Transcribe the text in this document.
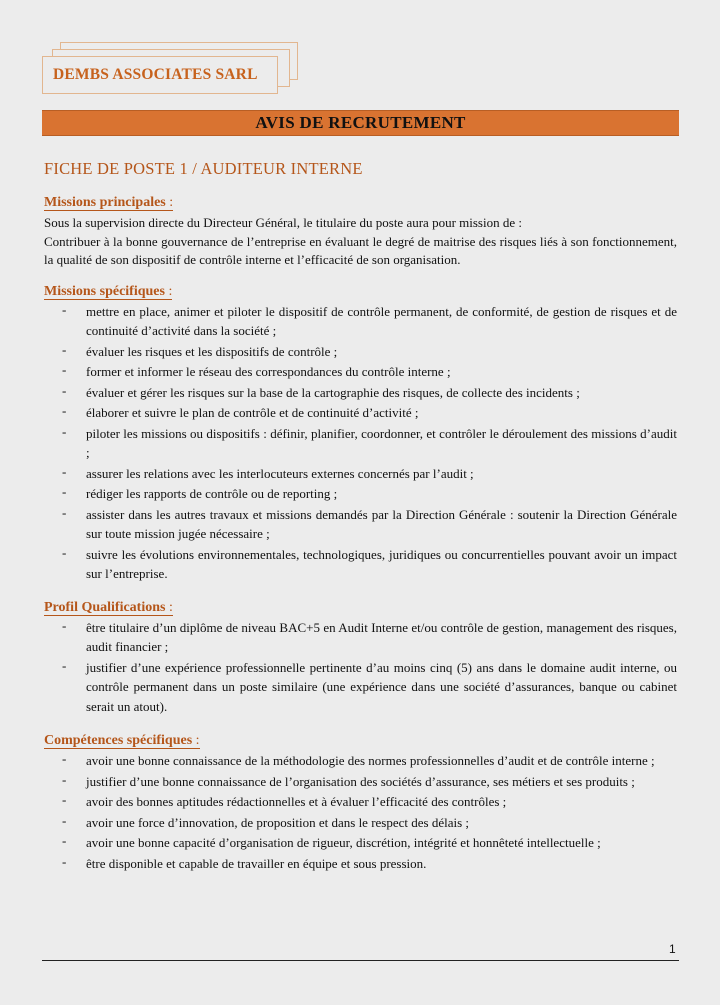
DEMBS ASSOCIATES SARL
AVIS DE RECRUTEMENT
FICHE DE POSTE 1 / AUDITEUR INTERNE
Missions principales :

Sous la supervision directe du Directeur Général, le titulaire du poste aura pour mission de :

Contribuer à la bonne gouvernance de l’entreprise en évaluant le degré de maitrise des risques liés à son fonctionnement, la qualité de son dispositif de contrôle interne et l’efficacité de son organisation.

Missions spécifiques :
- mettre en place, animer et piloter le dispositif de contrôle permanent, de conformité, de gestion de risques et de continuité d’activité dans la société ;
- évaluer les risques et les dispositifs de contrôle ;
- former et informer le réseau des correspondances du contrôle interne ;
- évaluer et gérer les risques sur la base de la cartographie des risques, de collecte des incidents ;
- élaborer et suivre le plan de contrôle et de continuité d’activité ;
- piloter les missions ou dispositifs : définir, planifier, coordonner, et contrôler le déroulement des missions d’audit ;
- assurer les relations avec les interlocuteurs externes concernés par l’audit ;
- rédiger les rapports de contrôle ou de reporting ;
- assister dans les autres travaux et missions demandés par la Direction Générale : soutenir la Direction Générale sur toute mission jugée nécessaire ;
- suivre les évolutions environnementales, technologiques, juridiques ou concurrentielles pouvant avoir un impact sur l’entreprise.
Profil Qualifications :
- être titulaire d’un diplôme de niveau BAC+5 en Audit Interne et/ou contrôle de gestion, management des risques, audit financier ;
- justifier d’une expérience professionnelle pertinente d’au moins cinq (5) ans dans le domaine audit interne, ou contrôle permanent dans un poste similaire (une expérience dans une société d’assurances, banque ou cabinet serait un atout).
Compétences spécifiques :
- avoir une bonne connaissance de la méthodologie des normes professionnelles d’audit et de contrôle interne ;
- justifier d’une bonne connaissance de l’organisation des sociétés d’assurance, ses métiers et ses produits ;
- avoir des bonnes aptitudes rédactionnelles et à évaluer l’efficacité des contrôles ;
- avoir une force d’innovation, de proposition et dans le respect des délais ;
- avoir une bonne capacité d’organisation de rigueur, discrétion, intégrité et honnêteté intellectuelle ;
- être disponible et capable de travailler en équipe et sous pression.
1
